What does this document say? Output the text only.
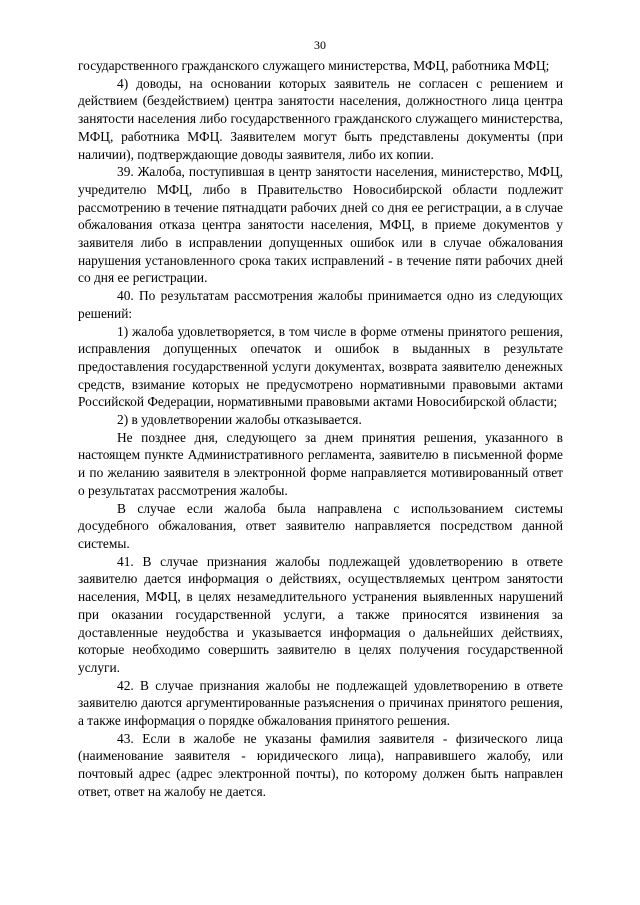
30

государственного гражданского служащего министерства, МФЦ, работника МФЦ;

4) доводы, на основании которых заявитель не согласен с решением и действием (бездействием) центра занятости населения, должностного лица центра занятости населения либо государственного гражданского служащего министерства, МФЦ, работника МФЦ. Заявителем могут быть представлены документы (при наличии), подтверждающие доводы заявителя, либо их копии.

39. Жалоба, поступившая в центр занятости населения, министерство, МФЦ, учредителю МФЦ, либо в Правительство Новосибирской области подлежит рассмотрению в течение пятнадцати рабочих дней со дня ее регистрации, а в случае обжалования отказа центра занятости населения, МФЦ, в приеме документов у заявителя либо в исправлении допущенных ошибок или в случае обжалования нарушения установленного срока таких исправлений - в течение пяти рабочих дней со дня ее регистрации.

40. По результатам рассмотрения жалобы принимается одно из следующих решений:

1) жалоба удовлетворяется, в том числе в форме отмены принятого решения, исправления допущенных опечаток и ошибок в выданных в результате предоставления государственной услуги документах, возврата заявителю денежных средств, взимание которых не предусмотрено нормативными правовыми актами Российской Федерации, нормативными правовыми актами Новосибирской области;

2) в удовлетворении жалобы отказывается.

Не позднее дня, следующего за днем принятия решения, указанного в настоящем пункте Административного регламента, заявителю в письменной форме и по желанию заявителя в электронной форме направляется мотивированный ответ о результатах рассмотрения жалобы.

В случае если жалоба была направлена с использованием системы досудебного обжалования, ответ заявителю направляется посредством данной системы.

41. В случае признания жалобы подлежащей удовлетворению в ответе заявителю дается информация о действиях, осуществляемых центром занятости населения, МФЦ, в целях незамедлительного устранения выявленных нарушений при оказании государственной услуги, а также приносятся извинения за доставленные неудобства и указывается информация о дальнейших действиях, которые необходимо совершить заявителю в целях получения государственной услуги.

42. В случае признания жалобы не подлежащей удовлетворению в ответе заявителю даются аргументированные разъяснения о причинах принятого решения, а также информация о порядке обжалования принятого решения.

43. Если в жалобе не указаны фамилия заявителя - физического лица (наименование заявителя - юридического лица), направившего жалобу, или почтовый адрес (адрес электронной почты), по которому должен быть направлен ответ, ответ на жалобу не дается.
